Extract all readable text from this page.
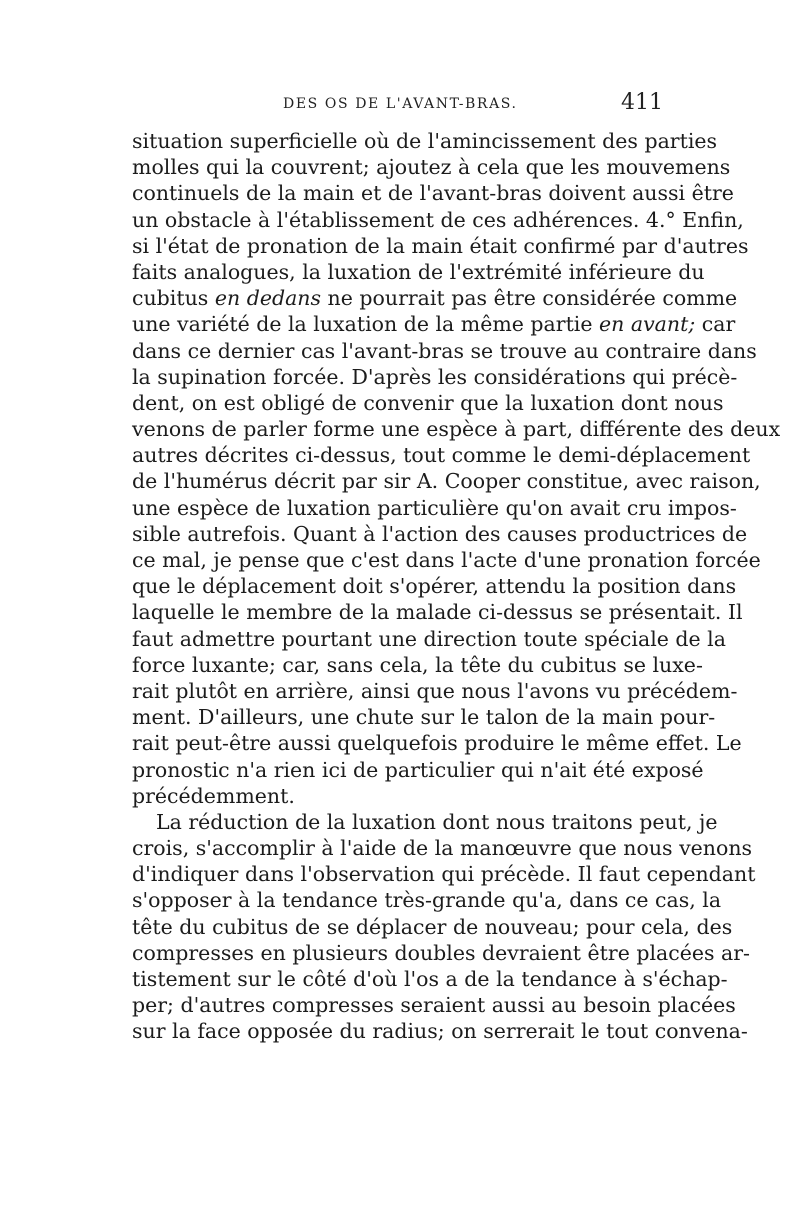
DES OS DE L'AVANT-BRAS.	411
situation superficielle où de l'amincissement des parties
molles qui la couvrent; ajoutez à cela que les mouvemens
continuels de la main et de l'avant-bras doivent aussi être
un obstacle à l'établissement de ces adhérences. 4.° Enfin,
si l'état de pronation de la main était confirmé par d'autres
faits analogues, la luxation de l'extrémité inférieure du
cubitus en dedans ne pourrait pas être considérée comme
une variété de la luxation de la même partie en avant; car
dans ce dernier cas l'avant-bras se trouve au contraire dans
la supination forcée. D'après les considérations qui précè-
dent, on est obligé de convenir que la luxation dont nous
venons de parler forme une espèce à part, différente des deux
autres décrites ci-dessus, tout comme le demi-déplacement
de l'humérus décrit par sir A. Cooper constitue, avec raison,
une espèce de luxation particulière qu'on avait cru impos-
sible autrefois. Quant à l'action des causes productrices de
ce mal, je pense que c'est dans l'acte d'une pronation forcée
que le déplacement doit s'opérer, attendu la position dans
laquelle le membre de la malade ci-dessus se présentait. Il
faut admettre pourtant une direction toute spéciale de la
force luxante; car, sans cela, la tête du cubitus se luxe-
rait plutôt en arrière, ainsi que nous l'avons vu précédem-
ment. D'ailleurs, une chute sur le talon de la main pour-
rait peut-être aussi quelquefois produire le même effet. Le
pronostic n'a rien ici de particulier qui n'ait été exposé
précédemment.
La réduction de la luxation dont nous traitons peut, je
crois, s'accomplir à l'aide de la manœuvre que nous venons
d'indiquer dans l'observation qui précède. Il faut cependant
s'opposer à la tendance très-grande qu'a, dans ce cas, la
tête du cubitus de se déplacer de nouveau; pour cela, des
compresses en plusieurs doubles devraient être placées ar-
tistement sur le côté d'où l'os a de la tendance à s'échap-
per; d'autres compresses seraient aussi au besoin placées
sur la face opposée du radius; on serrerait le tout convena-
